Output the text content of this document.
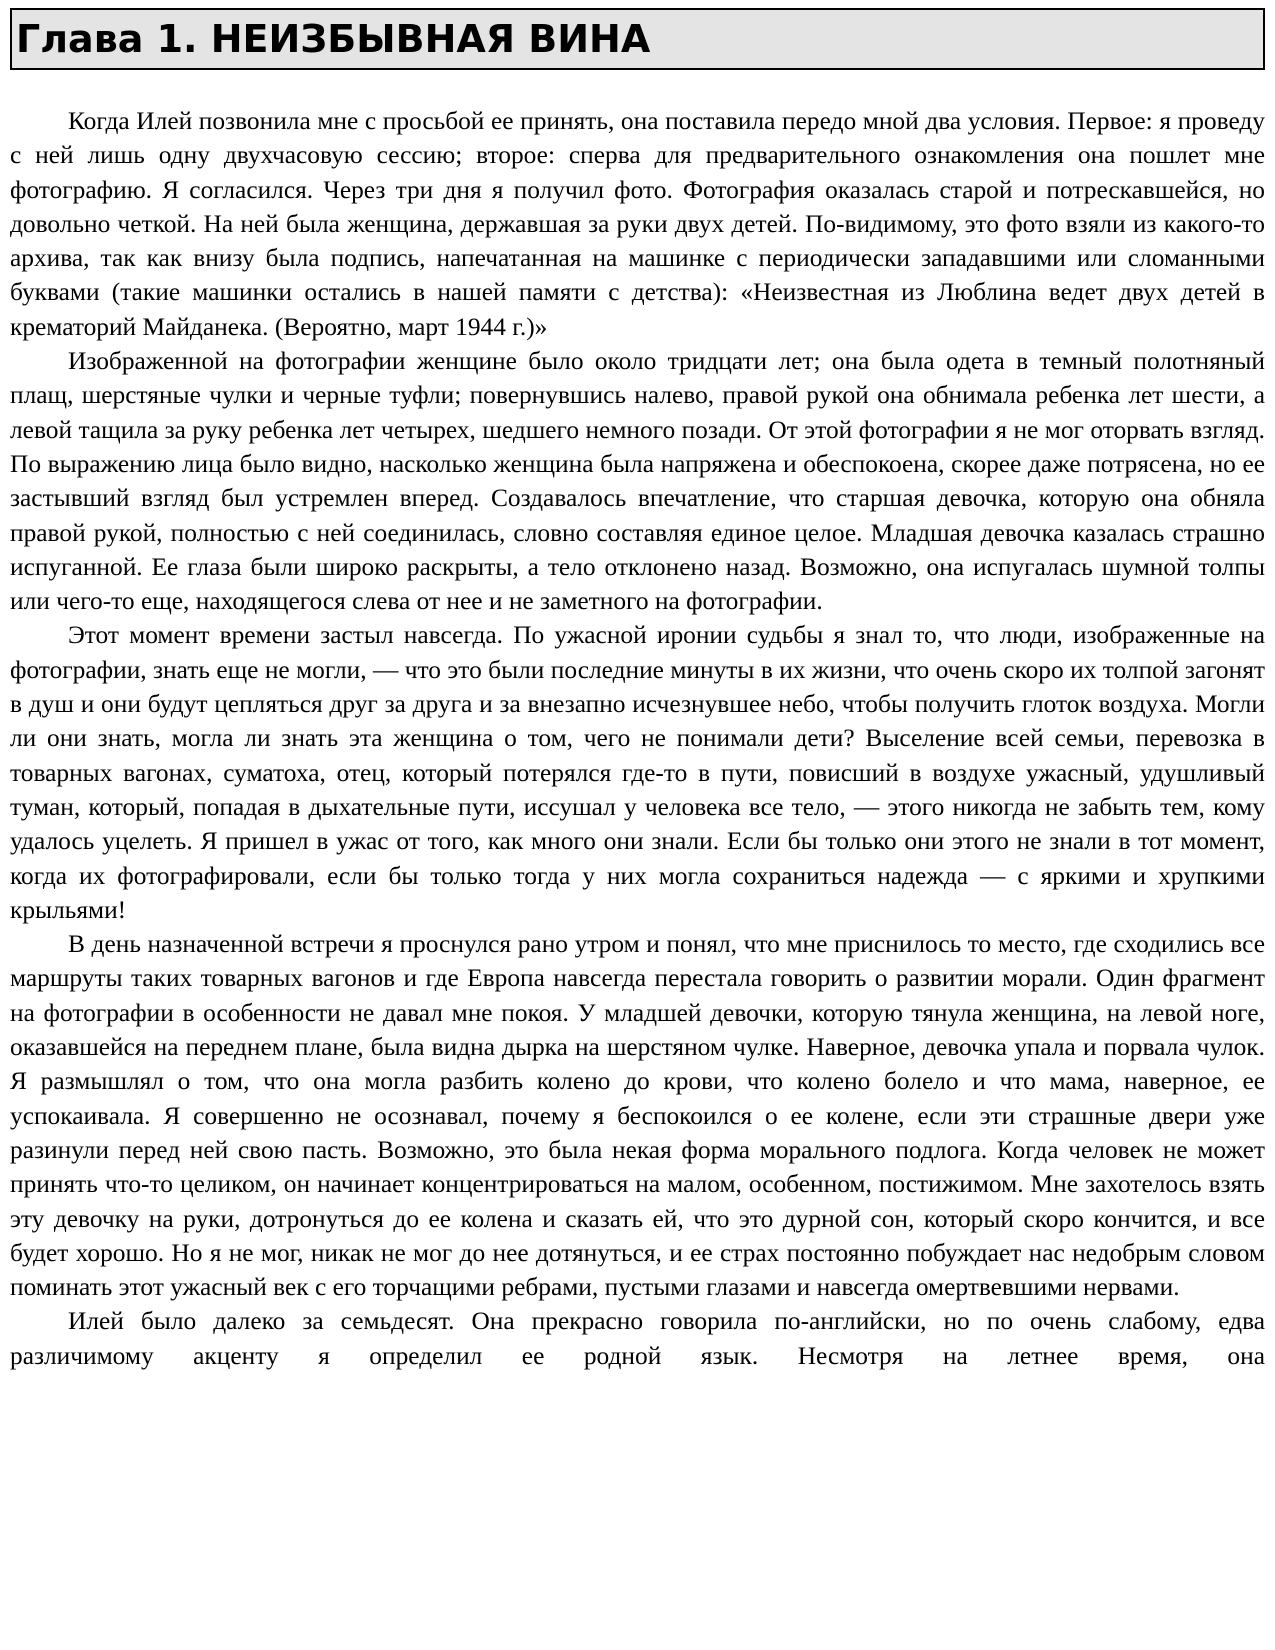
Глава 1. НЕИЗБЫВНАЯ ВИНА

Когда Илей позвонила мне с просьбой ее принять, она поставила передо мной два условия. Первое: я проведу с ней лишь одну двухчасовую сессию; второе: сперва для предварительного ознакомления она пошлет мне фотографию. Я согласился. Через три дня я получил фото. Фотография оказалась старой и потрескавшейся, но довольно четкой. На ней была женщина, державшая за руки двух детей. По-видимому, это фото взяли из какого-то архива, так как внизу была подпись, напечатанная на машинке с периодически западавшими или сломанными буквами (такие машинки остались в нашей памяти с детства): «Неизвестная из Люблина ведет двух детей в крематорий Майданека. (Вероятно, март 1944 г.)»

Изображенной на фотографии женщине было около тридцати лет; она была одета в темный полотняный плащ, шерстяные чулки и черные туфли; повернувшись налево, правой рукой она обнимала ребенка лет шести, а левой тащила за руку ребенка лет четырех, шедшего немного позади. От этой фотографии я не мог оторвать взгляд. По выражению лица было видно, насколько женщина была напряжена и обеспокоена, скорее даже потрясена, но ее застывший взгляд был устремлен вперед. Создавалось впечатление, что старшая девочка, которую она обняла правой рукой, полностью с ней соединилась, словно составляя единое целое. Младшая девочка казалась страшно испуганной. Ее глаза были широко раскрыты, а тело отклонено назад. Возможно, она испугалась шумной толпы или чего-то еще, находящегося слева от нее и не заметного на фотографии.

Этот момент времени застыл навсегда. По ужасной иронии судьбы я знал то, что люди, изображенные на фотографии, знать еще не могли, — что это были последние минуты в их жизни, что очень скоро их толпой загонят в душ и они будут цепляться друг за друга и за внезапно исчезнувшее небо, чтобы получить глоток воздуха. Могли ли они знать, могла ли знать эта женщина о том, чего не понимали дети? Выселение всей семьи, перевозка в товарных вагонах, суматоха, отец, который потерялся где-то в пути, повисший в воздухе ужасный, удушливый туман, который, попадая в дыхательные пути, иссушал у человека все тело, — этого никогда не забыть тем, кому удалось уцелеть. Я пришел в ужас от того, как много они знали. Если бы только они этого не знали в тот момент, когда их фотографировали, если бы только тогда у них могла сохраниться надежда — с яркими и хрупкими крыльями!

В день назначенной встречи я проснулся рано утром и понял, что мне приснилось то место, где сходились все маршруты таких товарных вагонов и где Европа навсегда перестала говорить о развитии морали. Один фрагмент на фотографии в особенности не давал мне покоя. У младшей девочки, которую тянула женщина, на левой ноге, оказавшейся на переднем плане, была видна дырка на шерстяном чулке. Наверное, девочка упала и порвала чулок. Я размышлял о том, что она могла разбить колено до крови, что колено болело и что мама, наверное, ее успокаивала. Я совершенно не осознавал, почему я беспокоился о ее колене, если эти страшные двери уже разинули перед ней свою пасть. Возможно, это была некая форма морального подлога. Когда человек не может принять что-то целиком, он начинает концентрироваться на малом, особенном, постижимом. Мне захотелось взять эту девочку на руки, дотронуться до ее колена и сказать ей, что это дурной сон, который скоро кончится, и все будет хорошо. Но я не мог, никак не мог до нее дотянуться, и ее страх постоянно побуждает нас недобрым словом поминать этот ужасный век с его торчащими ребрами, пустыми глазами и навсегда омертвевшими нервами.

Илей было далеко за семьдесят. Она прекрасно говорила по-английски, но по очень слабому, едва различимому акценту я определил ее родной язык. Несмотря на летнее время, она
